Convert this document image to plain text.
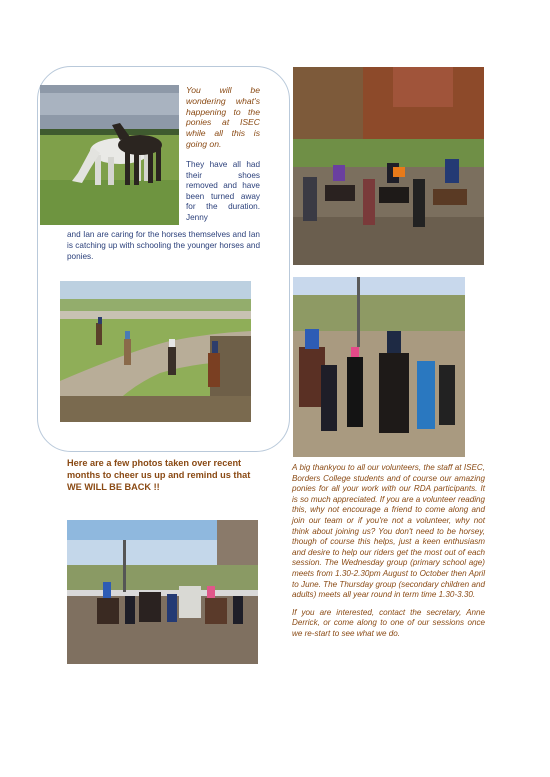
You will be wondering what's happening to the ponies at ISEC while all this is going on.
They have all had their shoes removed and have been turned away for the duration. Jenny
and Ian are caring for the horses themselves and Ian is catching up with schooling the younger horses and ponies.
Here are a few photos taken over recent months to cheer us up and remind us that WE WILL BE BACK !!

A big thankyou to all our volunteers, the staff at ISEC, Borders College students and of course our amazing ponies for all your work with our RDA participants. It is so much appreciated. If you are a volunteer reading this, why not encourage a friend to come along and join our team or if you're not a volunteer, why not think about joining us? You don't need to be horsey, though of course this helps, just a keen enthusiasm and desire to help our riders get the most out of each session. The Wednesday group (primary school age) meets from 1.30-2.30pm August to October then April to June. The Thursday group (secondary children and adults) meets all year round in term time 1.30-3.30.

If you are interested, contact the secretary, Anne Derrick, or come along to one of our sessions once we re-start to see what we do.
